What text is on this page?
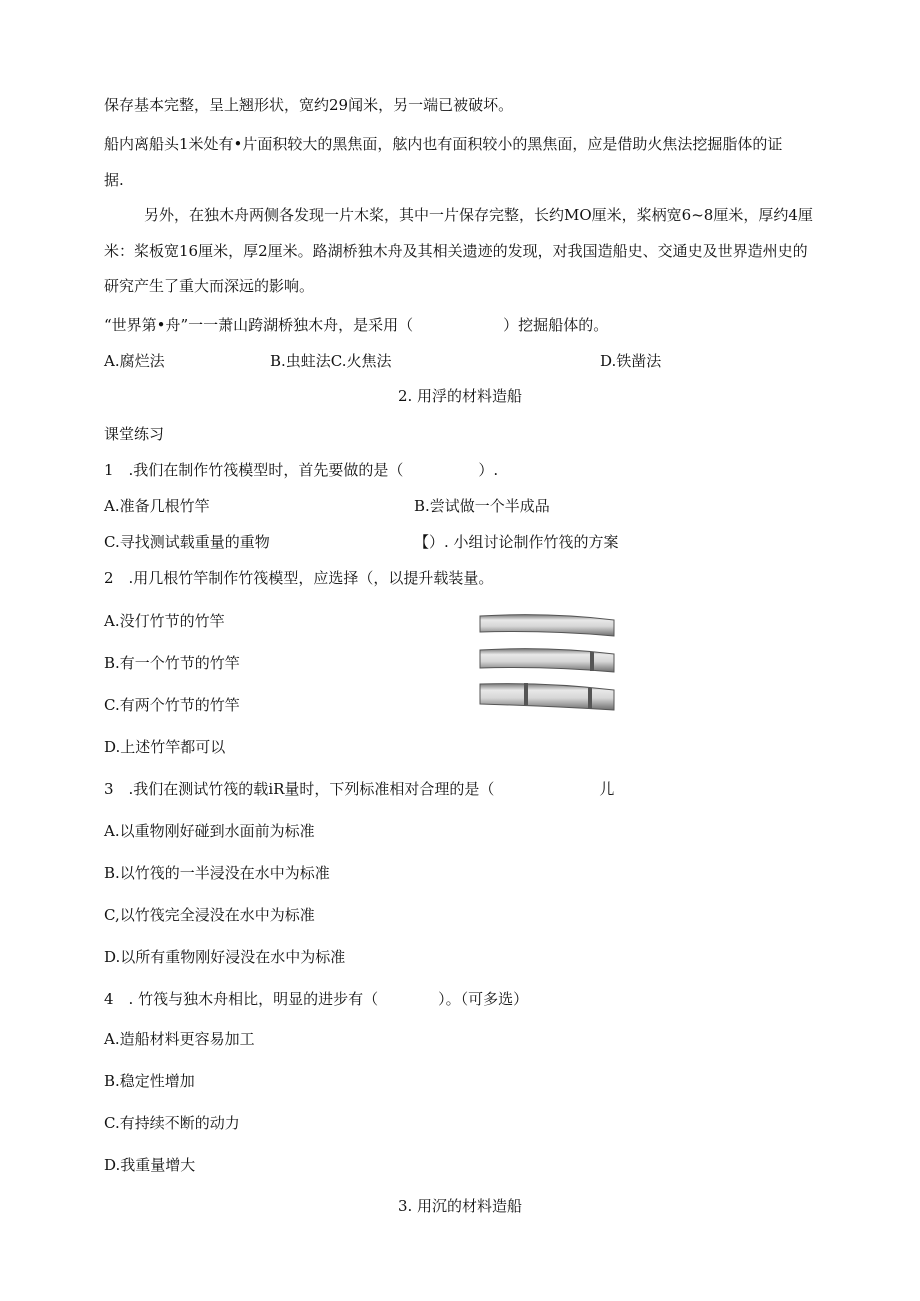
保存基本完整，呈上翘形状，宽约29闻米，另一端已被破坏。
船内离船头1米处有•片面积较大的黑焦面，舷内也有面积较小的黑焦面，应是借助火焦法挖掘脂体的证
据.
另外，在独木舟两侧各发现一片木桨，其中一片保存完整，长约MO厘米，桨柄宽6~8厘米，厚约4厘
米：桨板宽16厘米，厚2厘米。路湖桥独木舟及其相关遗迹的发现，对我国造船史、交通史及世界造州史的
研究产生了重大而深远的影响。
“世界第•舟”一一萧山跨湖桥独木舟，是采用（　　　　　　）挖掘船体的。
A.腐烂法	B.虫蛀法C.火焦法	D.铁凿法
2. 用浮的材料造船
课堂练习
1　.我们在制作竹筏模型时，首先要做的是（　　　　　）.
A.准备几根竹竿	B.尝试做一个半成品
C.寻找测试载重量的重物	【）. 小组讨论制作竹筏的方案
2　.用几根竹竿制作竹筏模型，应选择（，以提升载装量。
A.没仃竹节的竹竿
B.有一个竹节的竹竿
C.有两个竹节的竹竿
D.上述竹竿都可以
3　.我们在测试竹筏的载iR量时，下列标准相对合理的是（　　　　　　　儿
A.以重物刚好碰到水面前为标准
B.以竹筏的一半浸没在水中为标准
C,以竹筏完全浸没在水中为标准
D.以所有重物刚好浸没在水中为标准
4　. 竹筏与独木舟相比，明显的进步有（　　　　）。（可多选）
A.造船材料更容易加工
B.稳定性增加
C.有持续不断的动力
D.我重量增大
3. 用沉的材料造船
